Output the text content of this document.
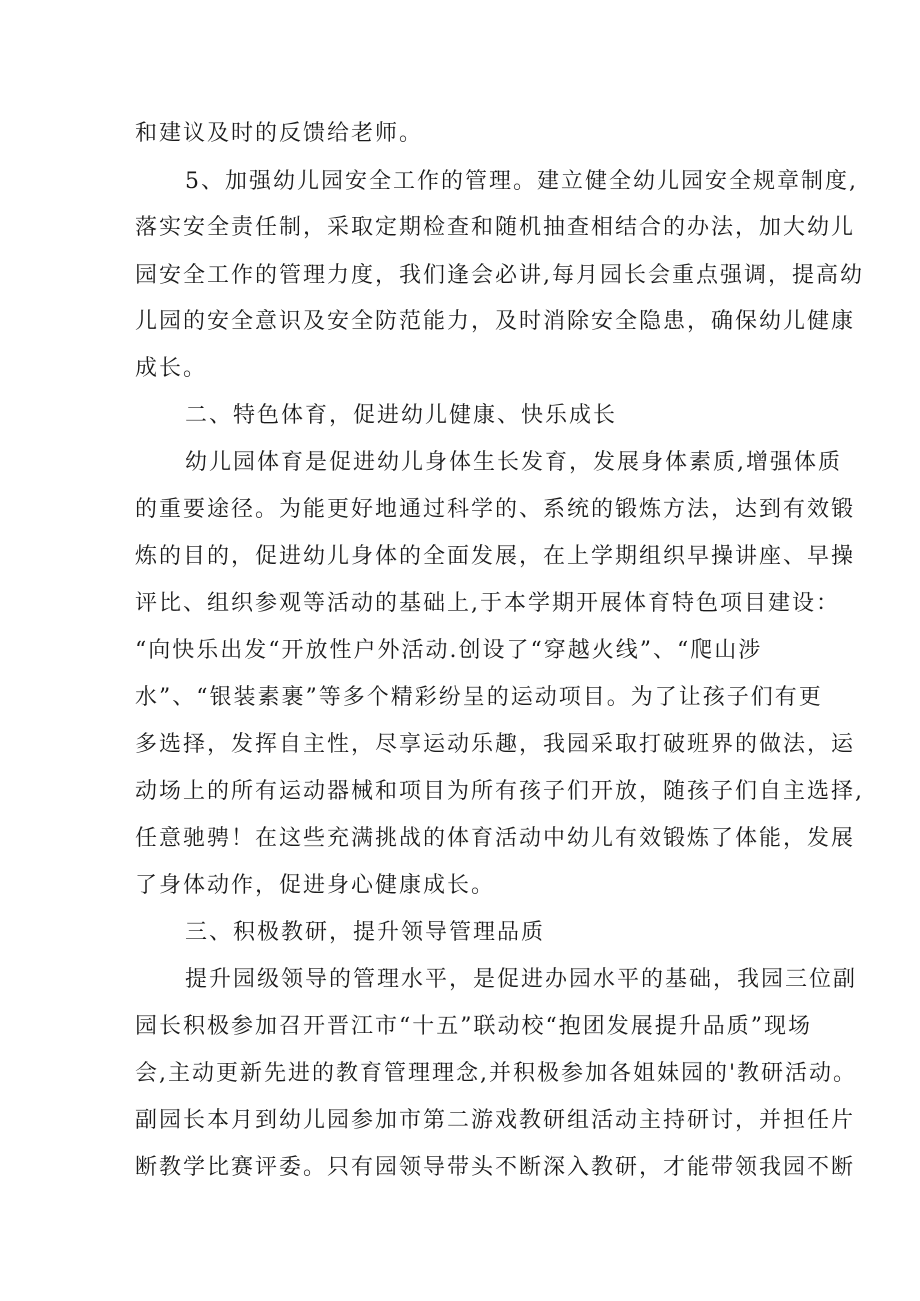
和建议及时的反馈给老师。
5、加强幼儿园安全工作的管理。建立健全幼儿园安全规章制度,
落实安全责任制，采取定期检查和随机抽查相结合的办法，加大幼儿
园安全工作的管理力度，我们逢会必讲,每月园长会重点强调，提高幼
儿园的安全意识及安全防范能力，及时消除安全隐患，确保幼儿健康
成长。
二、特色体育，促进幼儿健康、快乐成长
幼儿园体育是促进幼儿身体生长发育，发展身体素质,增强体质
的重要途径。为能更好地通过科学的、系统的锻炼方法，达到有效锻
炼的目的，促进幼儿身体的全面发展，在上学期组织早操讲座、早操
评比、组织参观等活动的基础上,于本学期开展体育特色项目建设：
“向快乐出发“开放性户外活动.创设了“穿越火线”、“爬山涉
水”、“银装素裹”等多个精彩纷呈的运动项目。为了让孩子们有更
多选择，发挥自主性，尽享运动乐趣，我园采取打破班界的做法，运
动场上的所有运动器械和项目为所有孩子们开放，随孩子们自主选择,
任意驰骋！在这些充满挑战的体育活动中幼儿有效锻炼了体能，发展
了身体动作，促进身心健康成长。
三、积极教研，提升领导管理品质
提升园级领导的管理水平，是促进办园水平的基础，我园三位副
园长积极参加召开晋江市“十五”联动校“抱团发展提升品质”现场
会,主动更新先进的教育管理理念,并积极参加各姐妹园的'教研活动。
副园长本月到幼儿园参加市第二游戏教研组活动主持研讨，并担任片
断教学比赛评委。只有园领导带头不断深入教研，才能带领我园不断
